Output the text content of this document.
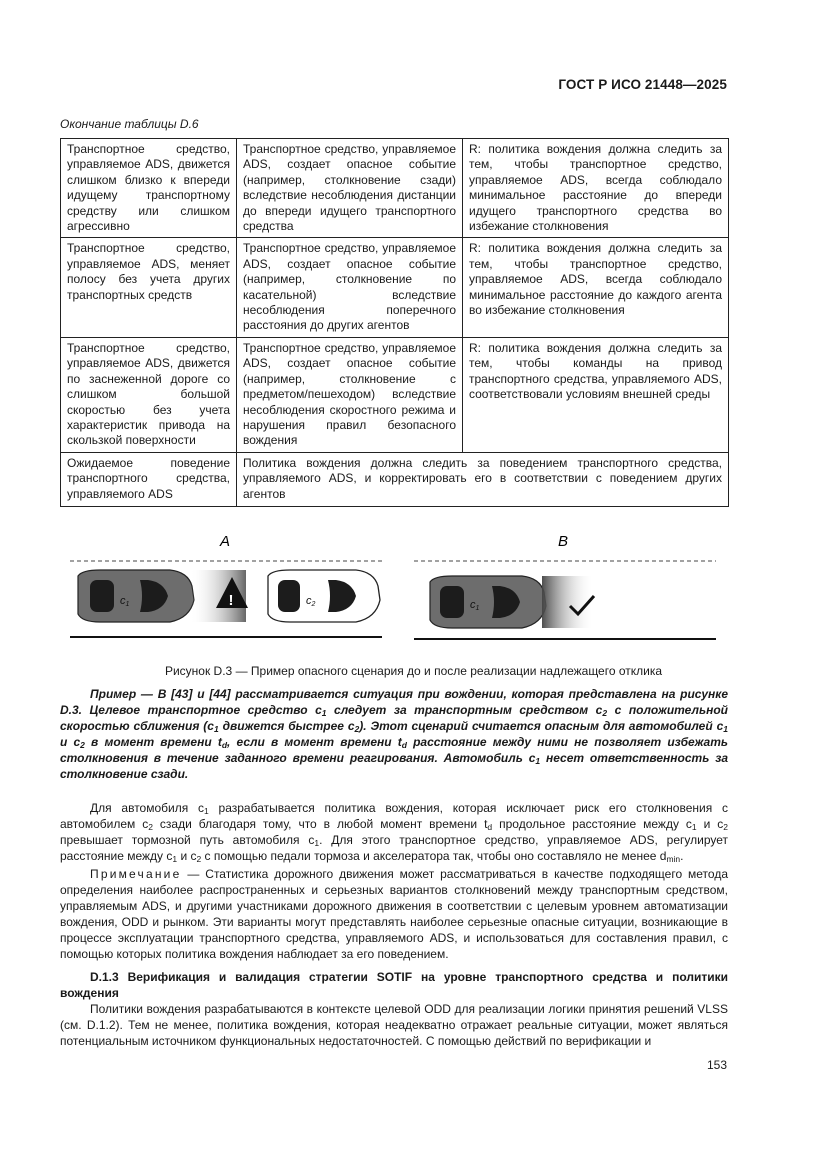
ГОСТ Р ИСО 21448—2025
Окончание таблицы D.6
Транспортное средство, управляемое ADS, движется слишком близко к впереди идущему транспортному средству или слишком агрессивно	Транспортное средство, управляемое ADS, создает опасное событие (например, столкновение сзади) вследствие несоблюдения дистанции до впереди идущего транспортного средства	R: политика вождения должна следить за тем, чтобы транспортное средство, управляемое ADS, всегда соблюдало минимальное расстояние до впереди идущего транспортного средства во избежание столкновения
Транспортное средство, управляемое ADS, меняет полосу без учета других транспортных средств	Транспортное средство, управляемое ADS, создает опасное событие (например, столкновение по касательной) вследствие несоблюдения поперечного расстояния до других агентов	R: политика вождения должна следить за тем, чтобы транспортное средство, управляемое ADS, всегда соблюдало минимальное расстояние до каждого агента во избежание столкновения
Транспортное средство, управляемое ADS, движется по заснеженной дороге со слишком большой скоростью без учета характеристик привода на скользкой поверхности	Транспортное средство, управляемое ADS, создает опасное событие (например, столкновение с предметом/пешеходом) вследствие несоблюдения скоростного режима и нарушения правил безопасного вождения	R: политика вождения должна следить за тем, чтобы команды на привод транспортного средства, управляемого ADS, соответствовали условиям внешней среды
Ожидаемое поведение транспортного средства, управляемого ADS	Политика вождения должна следить за поведением транспортного средства, управляемого ADS, и корректировать его в соответствии с поведением других агентов	
A
c1	!	c2
B
c1
Рисунок D.3 — Пример опасного сценария до и после реализации надлежащего отклика
Пример — В [43] и [44] рассматривается ситуация при вождении, которая представлена на рисунке D.3. Целевое транспортное средство $c_1$ следует за транспортным средством $c_2$ с положительной скоростью сближения ($c_1$ движется быстрее $c_2$). Этот сценарий считается опасным для автомобилей $c_1$ и $c_2$ в момент времени $t_d$, если в момент времени $t_d$ расстояние между ними не позволяет избежать столкновения в течение заданного времени реагирования. Автомобиль $c_1$ несет ответственность за столкновение сзади.
Для автомобиля $c_1$ разрабатывается политика вождения, которая исключает риск его столкновения с автомобилем $c_2$ сзади благодаря тому, что в любой момент времени $t_d$ продольное расстояние между $c_1$ и $c_2$ превышает тормозной путь автомобиля $c_1$. Для этого транспортное средство, управляемое ADS, регулирует расстояние между $c_1$ и $c_2$ с помощью педали тормоза и акселератора так, чтобы оно составляло не менее $d_{min}$.
Примечание — Статистика дорожного движения может рассматриваться в качестве подходящего метода определения наиболее распространенных и серьезных вариантов столкновений между транспортным средством, управляемым ADS, и другими участниками дорожного движения в соответствии с целевым уровнем автоматизации вождения, ODD и рынком. Эти варианты могут представлять наиболее серьезные опасные ситуации, возникающие в процессе эксплуатации транспортного средства, управляемого ADS, и использоваться для составления правил, с помощью которых политика вождения наблюдает за его поведением.
D.1.3 Верификация и валидация стратегии SOTIF на уровне транспортного средства и политики вождения
Политики вождения разрабатываются в контексте целевой ODD для реализации логики принятия решений VLSS (см. D.1.2). Тем не менее, политика вождения, которая неадекватно отражает реальные ситуации, может являться потенциальным источником функциональных недостаточностей. С помощью действий по верификации и
153
